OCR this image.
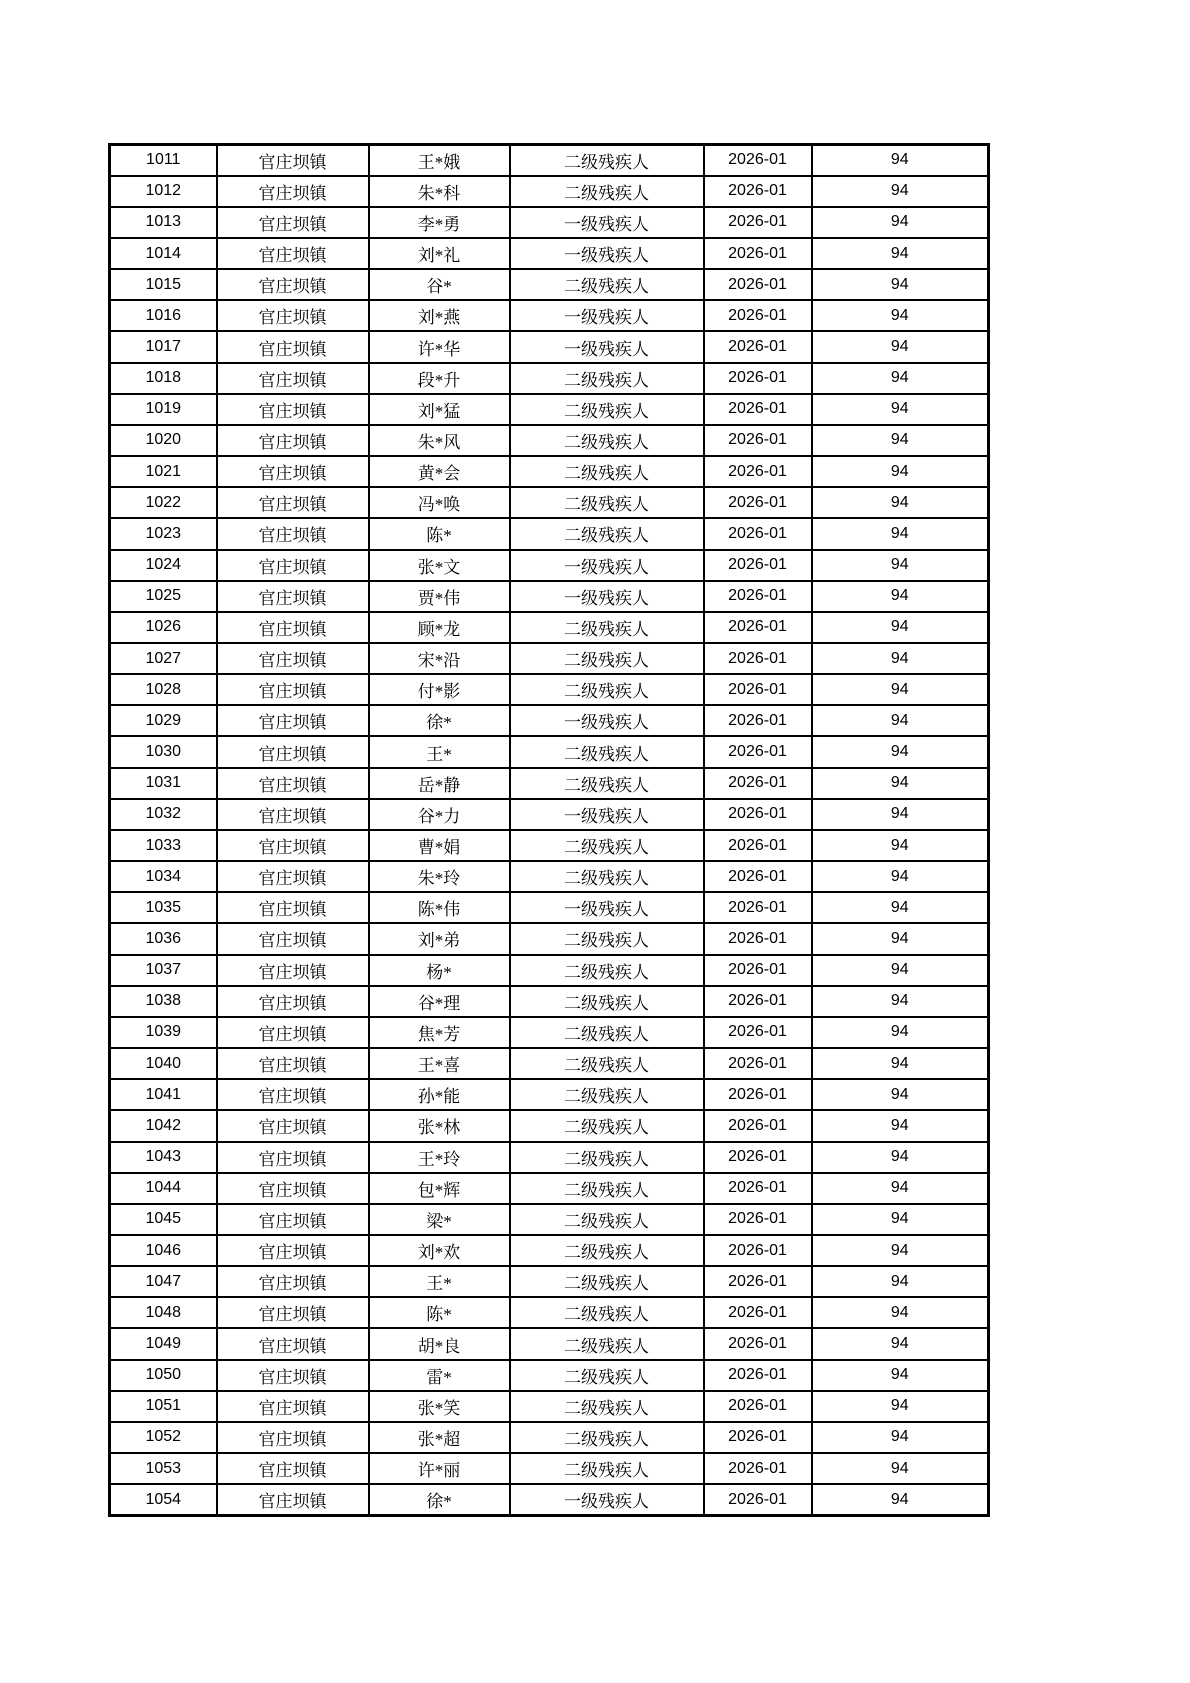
1011	官庄坝镇	王*娥	二级残疾人	2026-01	94
1012	官庄坝镇	朱*科	二级残疾人	2026-01	94
1013	官庄坝镇	李*勇	一级残疾人	2026-01	94
1014	官庄坝镇	刘*礼	一级残疾人	2026-01	94
1015	官庄坝镇	谷*	二级残疾人	2026-01	94
1016	官庄坝镇	刘*燕	一级残疾人	2026-01	94
1017	官庄坝镇	许*华	一级残疾人	2026-01	94
1018	官庄坝镇	段*升	二级残疾人	2026-01	94
1019	官庄坝镇	刘*猛	二级残疾人	2026-01	94
1020	官庄坝镇	朱*风	二级残疾人	2026-01	94
1021	官庄坝镇	黄*会	二级残疾人	2026-01	94
1022	官庄坝镇	冯*唤	二级残疾人	2026-01	94
1023	官庄坝镇	陈*	二级残疾人	2026-01	94
1024	官庄坝镇	张*文	一级残疾人	2026-01	94
1025	官庄坝镇	贾*伟	一级残疾人	2026-01	94
1026	官庄坝镇	顾*龙	二级残疾人	2026-01	94
1027	官庄坝镇	宋*沿	二级残疾人	2026-01	94
1028	官庄坝镇	付*影	二级残疾人	2026-01	94
1029	官庄坝镇	徐*	一级残疾人	2026-01	94
1030	官庄坝镇	王*	二级残疾人	2026-01	94
1031	官庄坝镇	岳*静	二级残疾人	2026-01	94
1032	官庄坝镇	谷*力	一级残疾人	2026-01	94
1033	官庄坝镇	曹*娟	二级残疾人	2026-01	94
1034	官庄坝镇	朱*玲	二级残疾人	2026-01	94
1035	官庄坝镇	陈*伟	一级残疾人	2026-01	94
1036	官庄坝镇	刘*弟	二级残疾人	2026-01	94
1037	官庄坝镇	杨*	二级残疾人	2026-01	94
1038	官庄坝镇	谷*理	二级残疾人	2026-01	94
1039	官庄坝镇	焦*芳	二级残疾人	2026-01	94
1040	官庄坝镇	王*喜	二级残疾人	2026-01	94
1041	官庄坝镇	孙*能	二级残疾人	2026-01	94
1042	官庄坝镇	张*林	二级残疾人	2026-01	94
1043	官庄坝镇	王*玲	二级残疾人	2026-01	94
1044	官庄坝镇	包*辉	二级残疾人	2026-01	94
1045	官庄坝镇	梁*	二级残疾人	2026-01	94
1046	官庄坝镇	刘*欢	二级残疾人	2026-01	94
1047	官庄坝镇	王*	二级残疾人	2026-01	94
1048	官庄坝镇	陈*	二级残疾人	2026-01	94
1049	官庄坝镇	胡*良	二级残疾人	2026-01	94
1050	官庄坝镇	雷*	二级残疾人	2026-01	94
1051	官庄坝镇	张*笑	二级残疾人	2026-01	94
1052	官庄坝镇	张*超	二级残疾人	2026-01	94
1053	官庄坝镇	许*丽	二级残疾人	2026-01	94
1054	官庄坝镇	徐*	一级残疾人	2026-01	94
